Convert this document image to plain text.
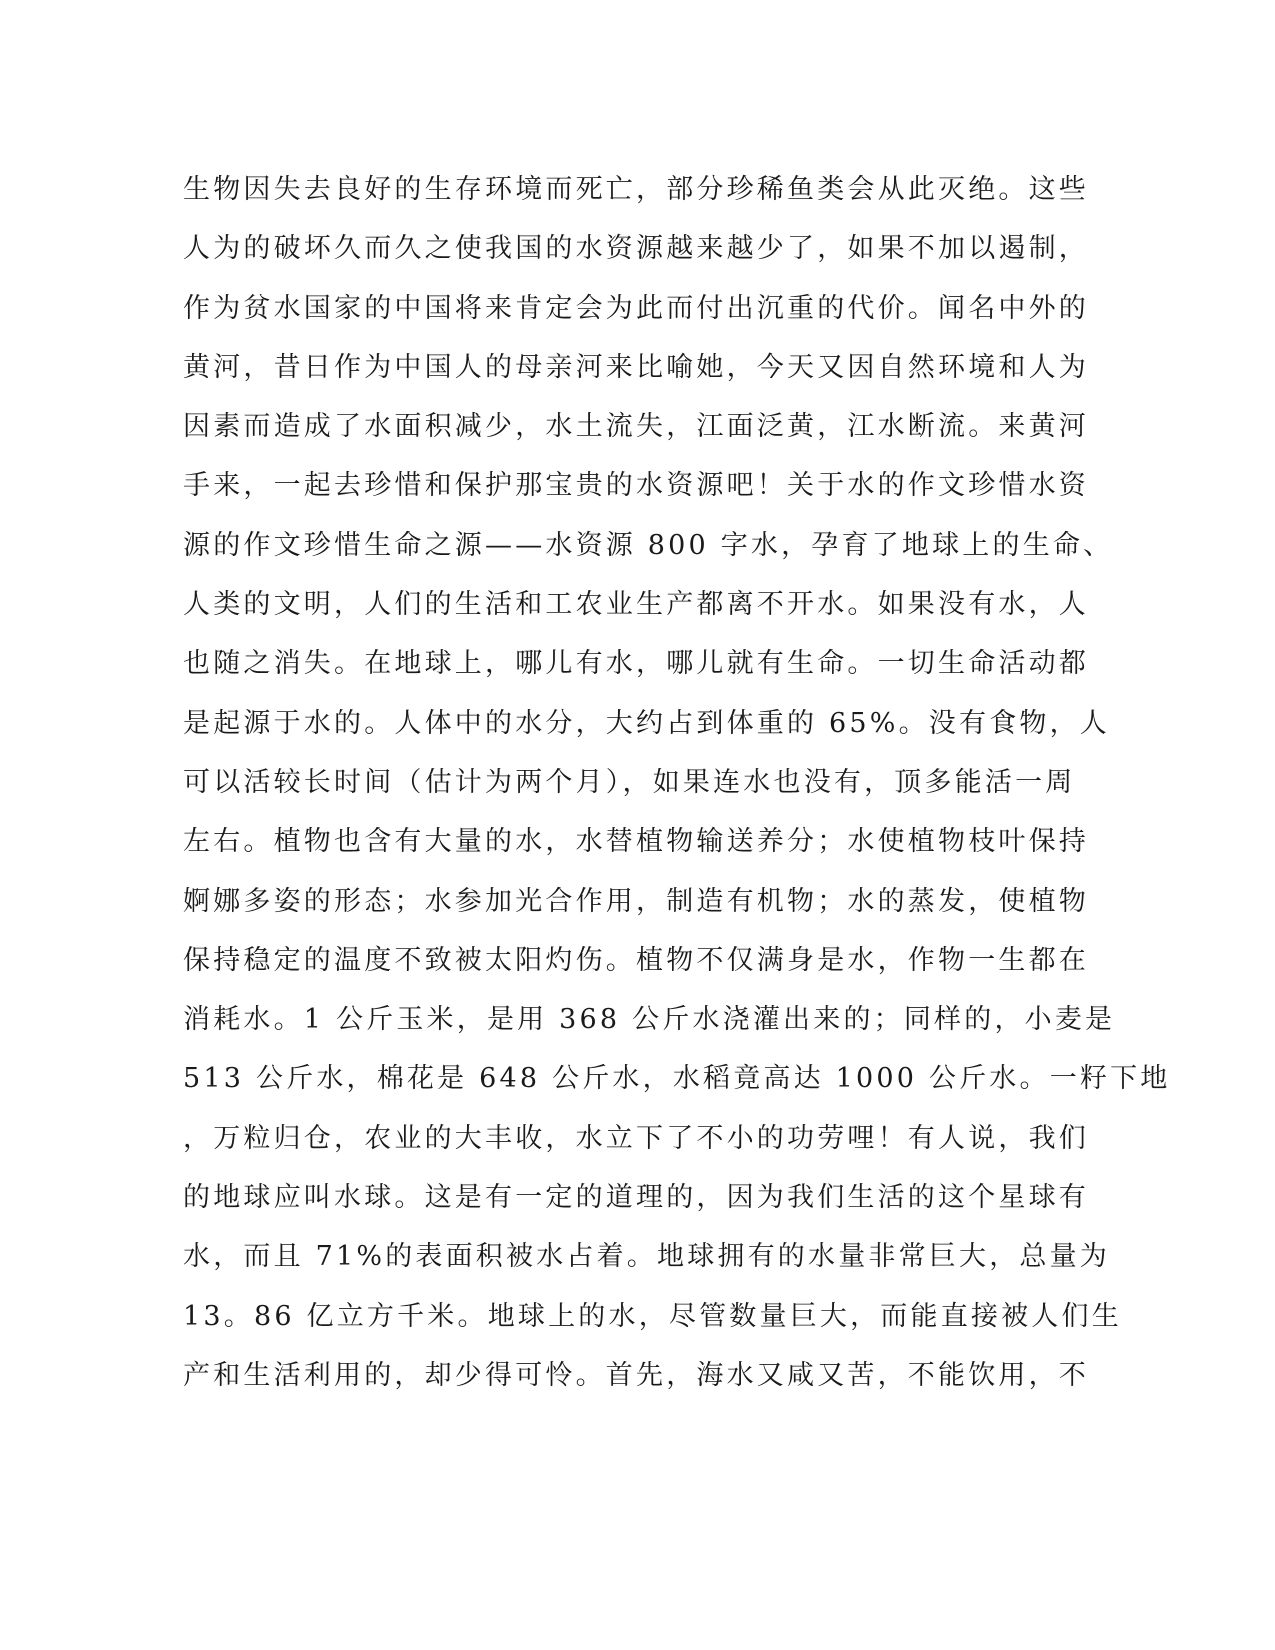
生物因失去良好的生存环境而死亡，部分珍稀鱼类会从此灭绝。这些
人为的破坏久而久之使我国的水资源越来越少了，如果不加以遏制，
作为贫水国家的中国将来肯定会为此而付出沉重的代价。闻名中外的
黄河，昔日作为中国人的母亲河来比喻她，今天又因自然环境和人为
因素而造成了水面积减少，水土流失，江面泛黄，江水断流。来黄河
手来，一起去珍惜和保护那宝贵的水资源吧！关于水的作文珍惜水资
源的作文珍惜生命之源——水资源 800 字水，孕育了地球上的生命、
人类的文明，人们的生活和工农业生产都离不开水。如果没有水，人
也随之消失。在地球上，哪儿有水，哪儿就有生命。一切生命活动都
是起源于水的。人体中的水分，大约占到体重的 65%。没有食物，人
可以活较长时间（估计为两个月），如果连水也没有，顶多能活一周
左右。植物也含有大量的水，水替植物输送养分；水使植物枝叶保持
婀娜多姿的形态；水参加光合作用，制造有机物；水的蒸发，使植物
保持稳定的温度不致被太阳灼伤。植物不仅满身是水，作物一生都在
消耗水。1 公斤玉米，是用 368 公斤水浇灌出来的；同样的，小麦是
513 公斤水，棉花是 648 公斤水，水稻竟高达 1000 公斤水。一籽下地
，万粒归仓，农业的大丰收，水立下了不小的功劳哩！有人说，我们
的地球应叫水球。这是有一定的道理的，因为我们生活的这个星球有
水，而且 71%的表面积被水占着。地球拥有的水量非常巨大，总量为
13。86 亿立方千米。地球上的水，尽管数量巨大，而能直接被人们生
产和生活利用的，却少得可怜。首先，海水又咸又苦，不能饮用，不
